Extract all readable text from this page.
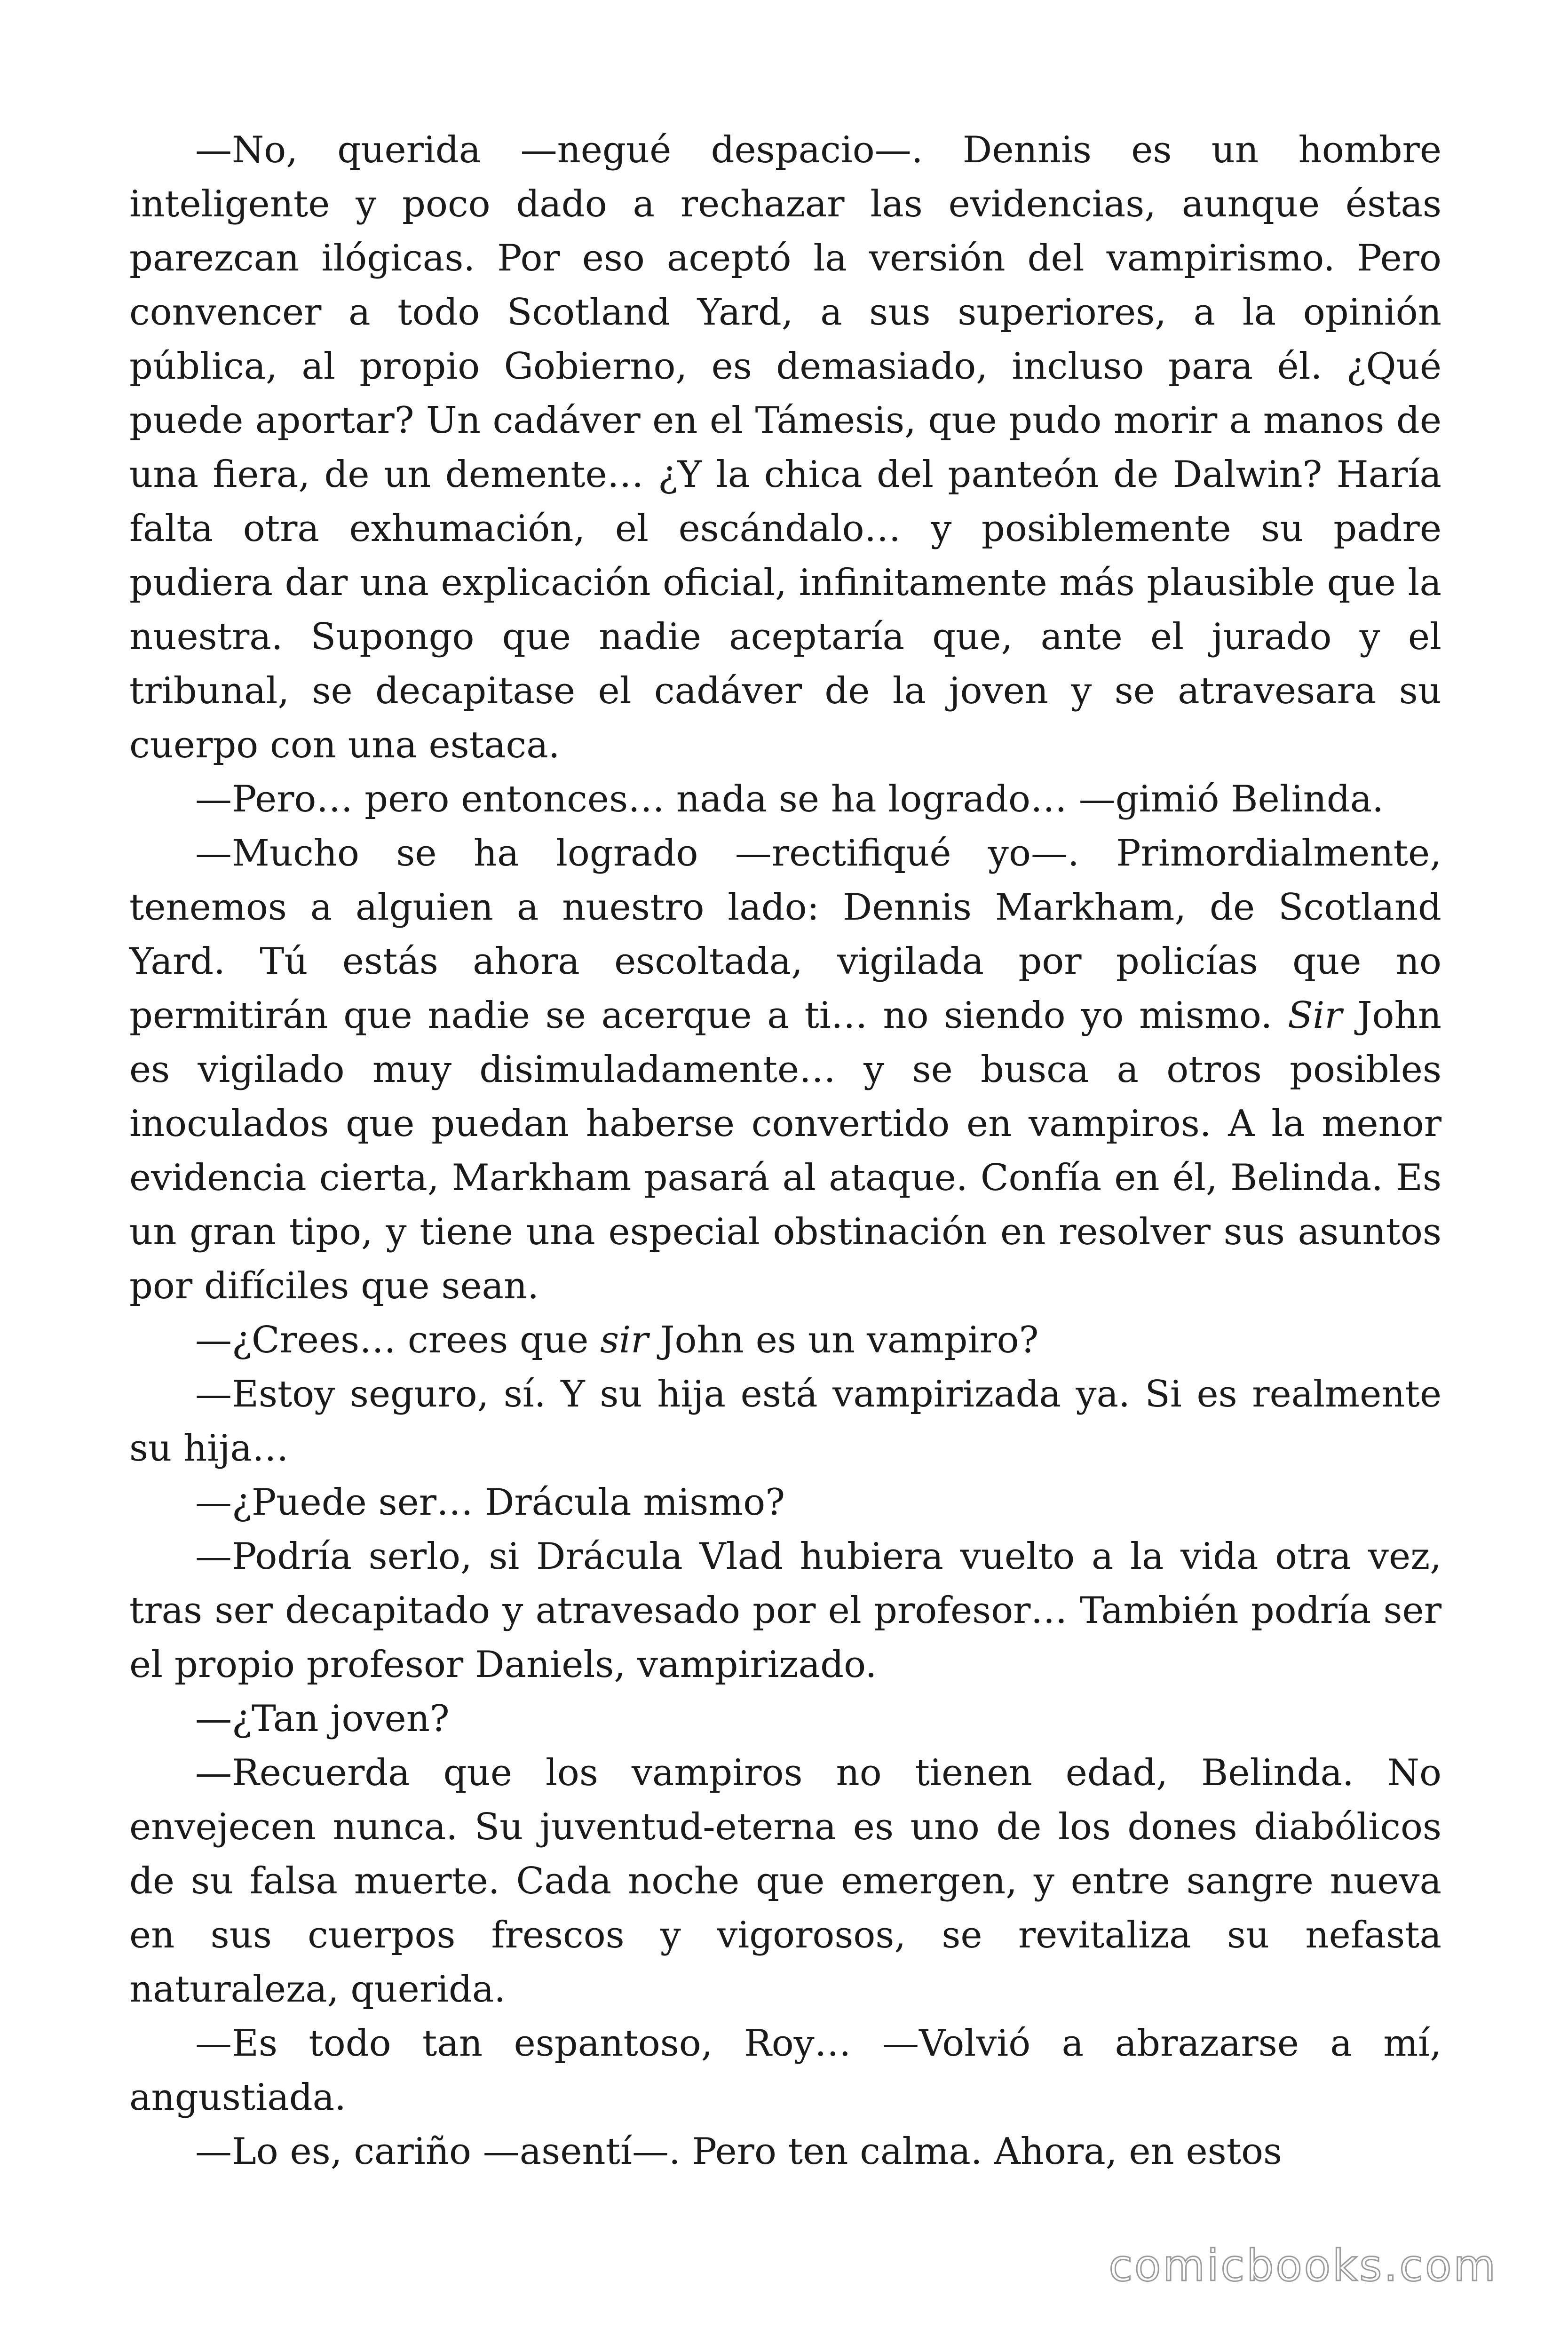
—No, querida —negué despacio—. Dennis es un hombre inteligente y poco dado a rechazar las evidencias, aunque éstas parezcan ilógicas. Por eso aceptó la versión del vampirismo. Pero convencer a todo Scotland Yard, a sus superiores, a la opinión pública, al propio Gobierno, es demasiado, incluso para él. ¿Qué puede aportar? Un cadáver en el Támesis, que pudo morir a manos de una fiera, de un demente… ¿Y la chica del panteón de Dalwin? Haría falta otra exhumación, el escándalo… y posiblemente su padre pudiera dar una explicación oficial, infinitamente más plausible que la nuestra. Supongo que nadie aceptaría que, ante el jurado y el tribunal, se decapitase el cadáver de la joven y se atravesara su cuerpo con una estaca.

—Pero… pero entonces… nada se ha logrado… —gimió Belinda.

—Mucho se ha logrado —rectifiqué yo—. Primordialmente, tenemos a alguien a nuestro lado: Dennis Markham, de Scotland Yard. Tú estás ahora escoltada, vigilada por policías que no permitirán que nadie se acerque a ti… no siendo yo mismo. Sir John es vigilado muy disimuladamente… y se busca a otros posibles inoculados que puedan haberse convertido en vampiros. A la menor evidencia cierta, Markham pasará al ataque. Confía en él, Belinda. Es un gran tipo, y tiene una especial obstinación en resolver sus asuntos por difíciles que sean.

—¿Crees… crees que sir John es un vampiro?

—Estoy seguro, sí. Y su hija está vampirizada ya. Si es realmente su hija…

—¿Puede ser… Drácula mismo?

—Podría serlo, si Drácula Vlad hubiera vuelto a la vida otra vez, tras ser decapitado y atravesado por el profesor… También podría ser el propio profesor Daniels, vampirizado.

—¿Tan joven?

—Recuerda que los vampiros no tienen edad, Belinda. No envejecen nunca. Su juventud-eterna es uno de los dones diabólicos de su falsa muerte. Cada noche que emergen, y entre sangre nueva en sus cuerpos frescos y vigorosos, se revitaliza su nefasta naturaleza, querida.

—Es todo tan espantoso, Roy… —Volvió a abrazarse a mí, angustiada.

—Lo es, cariño —asentí—. Pero ten calma. Ahora, en estos

comicbooks.com
